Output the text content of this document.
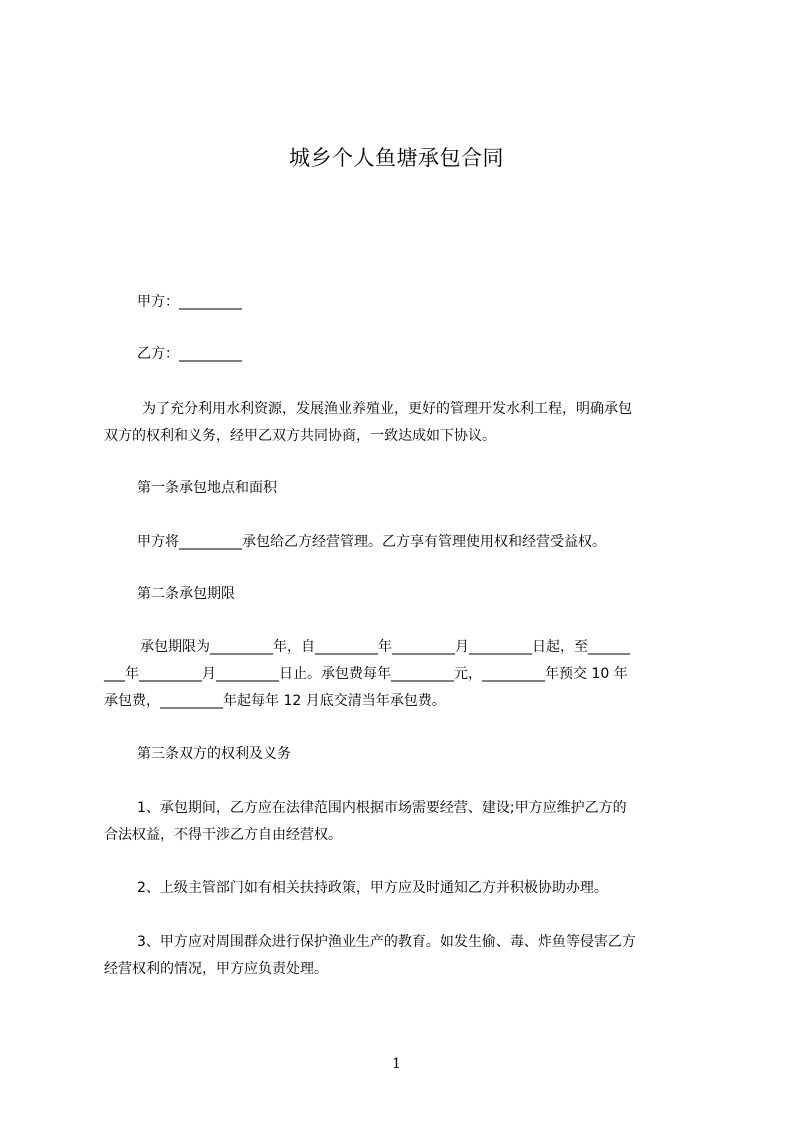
城乡个人鱼塘承包合同
甲方：_________
乙方：_________
为了充分利用水利资源，发展渔业养殖业，更好的管理开发水利工程，明确承包
双方的权利和义务，经甲乙双方共同协商，一致达成如下协议。
第一条承包地点和面积
甲方将_________承包给乙方经营管理。乙方享有管理使用权和经营受益权。
第二条承包期限
承包期限为_________年，自_________年_________月_________日起，至______
___年_________月_________日止。承包费每年_________元，_________年预交 10 年
承包费，_________年起每年 12 月底交清当年承包费。
第三条双方的权利及义务
1、承包期间，乙方应在法律范围内根据市场需要经营、建设;甲方应维护乙方的
合法权益，不得干涉乙方自由经营权。
2、上级主管部门如有相关扶持政策，甲方应及时通知乙方并积极协助办理。
3、甲方应对周围群众进行保护渔业生产的教育。如发生偷、毒、炸鱼等侵害乙方
经营权利的情况，甲方应负责处理。
1
